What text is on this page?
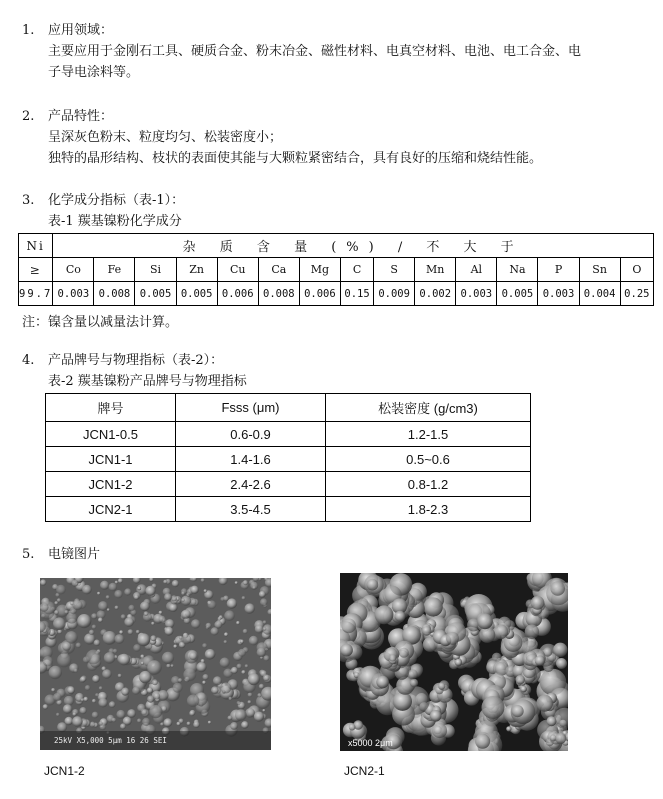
1. 应用领域：
主要应用于金刚石工具、硬质合金、粉末冶金、磁性材料、电真空材料、电池、电工合金、电
子导电涂料等。
2. 产品特性：
呈深灰色粉末、粒度均匀、松装密度小；
独特的晶形结构、枝状的表面使其能与大颗粒紧密结合，具有良好的压缩和烧结性能。
3. 化学成分指标（表-1）：
表-1 羰基镍粉化学成分
Ni	杂 质 含 量 (%) / 不 大 于														
≥	Co	Fe	Si	Zn	Cu	Ca	Mg	C	S	Mn	Al	Na	P	Sn	O
99.7	0.003	0.008	0.005	0.005	0.006	0.008	0.006	0.15	0.009	0.002	0.003	0.005	0.003	0.004	0.25
注：镍含量以减量法计算。
4. 产品牌号与物理指标（表-2）：
表-2 羰基镍粉产品牌号与物理指标
牌号	Fsss (μm)	松装密度 (g/cm3)
JCN1-0.5	0.6-0.9	1.2-1.5
JCN1-1	1.4-1.6	0.5~0.6
JCN1-2	2.4-2.6	0.8-1.2
JCN2-1	3.5-4.5	1.8-2.3
5. 电镜图片
25kV X5,000 5μm 16 26 SEI	x5000 2μm
JCN1-2	JCN2-1
